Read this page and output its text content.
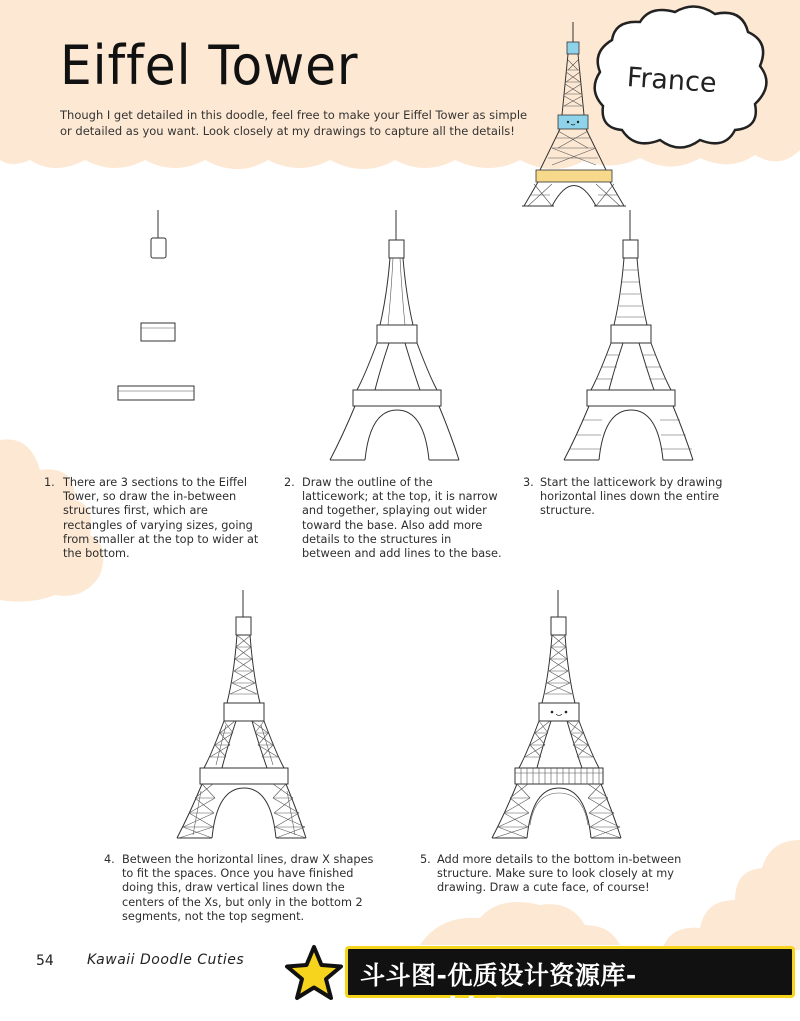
Eiffel Tower
Though I get detailed in this doodle, feel free to make your Eiffel Tower as simple or detailed as you want. Look closely at my drawings to capture all the details!
France
1. There are 3 sections to the Eiffel Tower, so draw the in-between structures first, which are rectangles of varying sizes, going from smaller at the top to wider at the bottom.
2. Draw the outline of the latticework; at the top, it is narrow and together, splaying out wider toward the base. Also add more details to the structures in between and add lines to the base.
3. Start the latticework by drawing horizontal lines down the entire structure.
4. Between the horizontal lines, draw X shapes to fit the spaces. Once you have finished doing this, draw vertical lines down the centers of the Xs, but only in the bottom 2 segments, not the top segment.
5. Add more details to the bottom in-between structure. Make sure to look closely at my drawing. Draw a cute face, of course!
54 Kawaii Doodle Cuties
斗斗图-优质设计资源库-www.ddotu.com
